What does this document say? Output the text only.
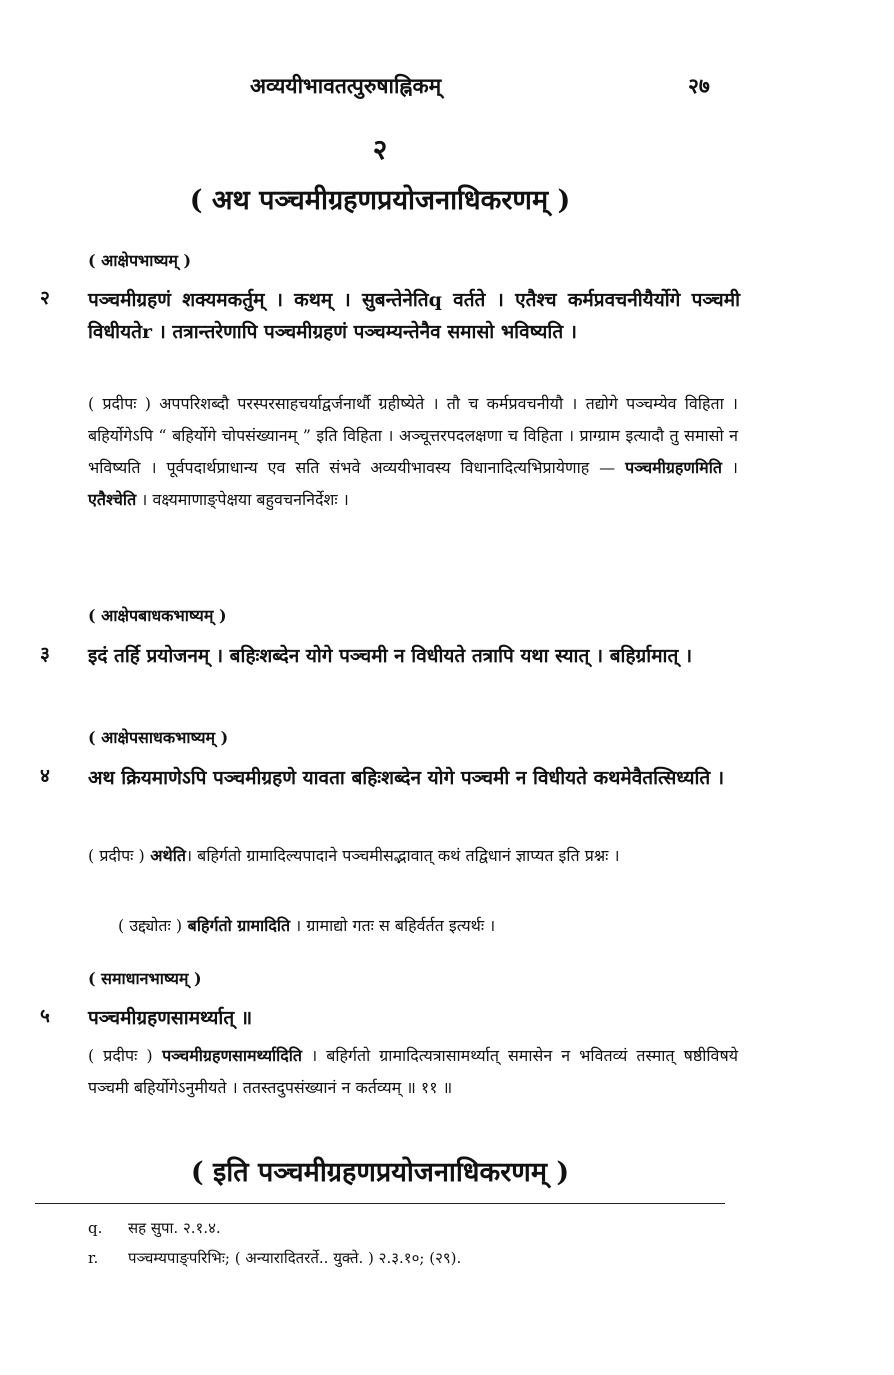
अव्ययीभावतत्पुरुषाह्निकम्	२७
२
( अथ पञ्चमीग्रहणप्रयोजनाधिकरणम् )
( आक्षेपभाष्यम् )
२ पञ्चमीग्रहणं शक्यमकर्तुम् । कथम् । सुबन्तेनेतिq वर्तते । एतैश्च कर्मप्रवचनीयैर्योगे पञ्चमी विधीयतेr । तत्रान्तरेणापि पञ्चमीग्रहणं पञ्चम्यन्तेनैव समासो भविष्यति ।
( प्रदीपः ) अपपरिशब्दौ परस्परसाहचर्याद्वर्जनार्थौ ग्रहीष्येते । तौ च कर्मप्रवचनीयौ । तद्योगे पञ्चम्येव विहिता । बहिर्योगेऽपि “ बहिर्योगे चोपसंख्यानम् ” इति विहिता । अञ्चूत्तरपदलक्षणा च विहिता । प्राग्ग्राम इत्यादौ तु समासो न भविष्यति । पूर्वपदार्थप्राधान्य एव सति संभवे अव्ययीभावस्य विधानादित्यभिप्रायेणाह — पञ्चमीग्रहणमिति । एतैश्चेति । वक्ष्यमाणाङ्पेक्षया बहुवचननिर्देशः ।
( आक्षेपबाधकभाष्यम् )
३ इदं तर्हि प्रयोजनम् । बहिःशब्देन योगे पञ्चमी न विधीयते तत्रापि यथा स्यात् । बहिर्ग्रामात् ।
( आक्षेपसाधकभाष्यम् )
४ अथ क्रियमाणेऽपि पञ्चमीग्रहणे यावता बहिःशब्देन योगे पञ्चमी न विधीयते कथमेवैतत्सिध्यति ।
( प्रदीपः ) अथेति। बहिर्गतो ग्रामादिल्यपादाने पञ्चमीसद्भावात् कथं तद्विधानं ज्ञाप्यत इति प्रश्नः ।
( उद्द्योतः ) बहिर्गतो ग्रामादिति । ग्रामाद्यो गतः स बहिर्वर्तत इत्यर्थः ।
( समाधानभाष्यम् )
५ पञ्चमीग्रहणसामर्थ्यात् ॥
( प्रदीपः ) पञ्चमीग्रहणसामर्थ्यादिति । बहिर्गतो ग्रामादित्यत्रासामर्थ्यात् समासेन न भवितव्यं तस्मात् षष्ठीविषये पञ्चमी बहिर्योगेऽनुमीयते । ततस्तदुपसंख्यानं न कर्तव्यम् ॥ ११ ॥
( इति पञ्चमीग्रहणप्रयोजनाधिकरणम् )
q. सह सुपा. २.१.४.
r. पञ्चम्यपाङ्परिभिः; ( अन्यारादितरर्ते.. युक्ते. ) २.३.१०; (२९).
